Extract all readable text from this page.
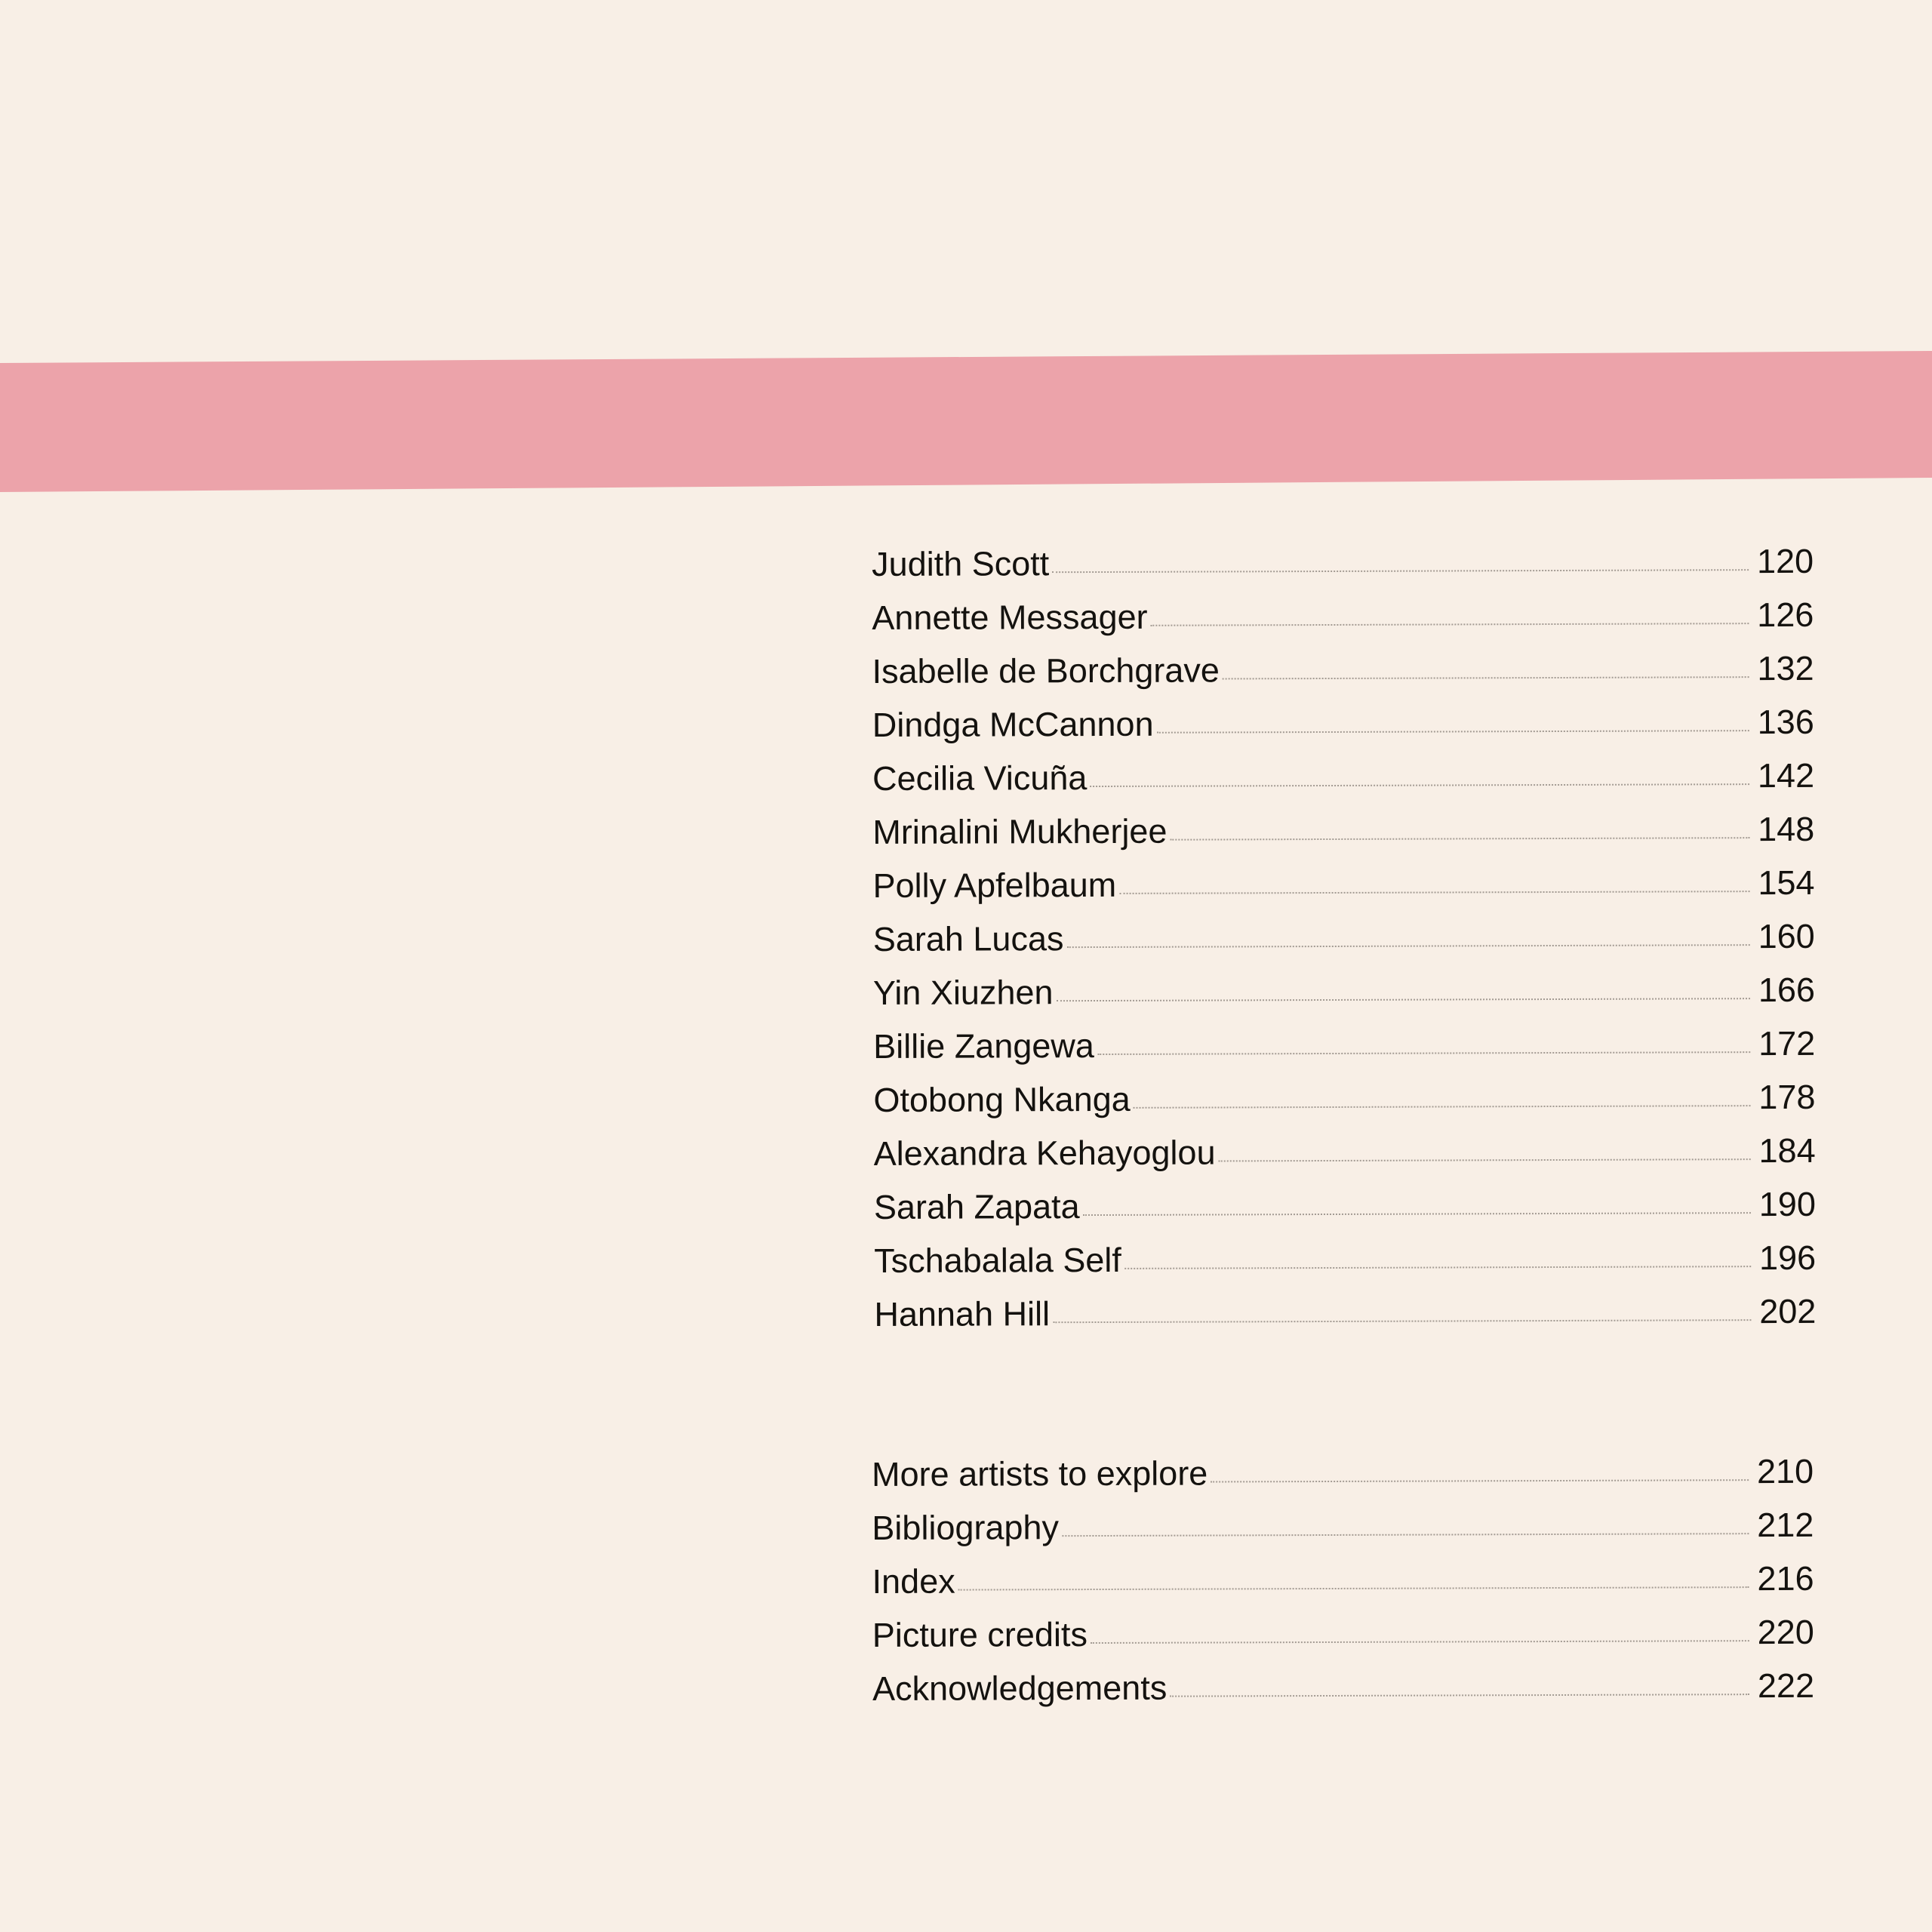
Judith Scott	120
Annette Messager	126
Isabelle de Borchgrave	132
Dindga McCannon	136
Cecilia Vicuña	142
Mrinalini Mukherjee	148
Polly Apfelbaum	154
Sarah Lucas	160
Yin Xiuzhen	166
Billie Zangewa	172
Otobong Nkanga	178
Alexandra Kehayoglou	184
Sarah Zapata	190
Tschabalala Self	196
Hannah Hill	202
More artists to explore	210
Bibliography	212
Index	216
Picture credits	220
Acknowledgements	222
